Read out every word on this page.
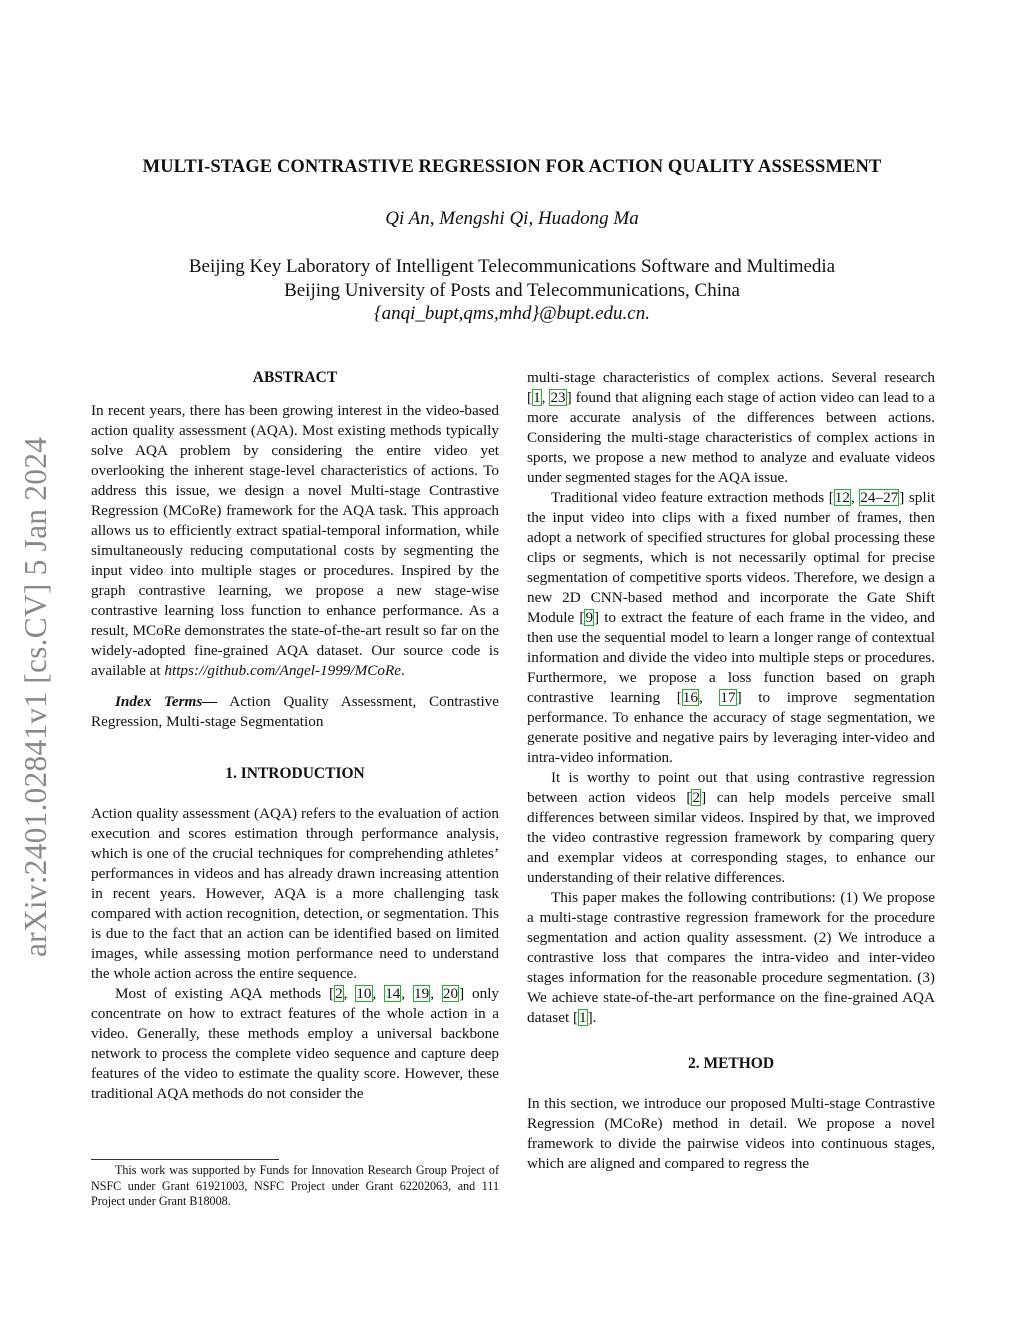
arXiv:2401.02841v1 [cs.CV] 5 Jan 2024
MULTI-STAGE CONTRASTIVE REGRESSION FOR ACTION QUALITY ASSESSMENT
Qi An, Mengshi Qi, Huadong Ma
Beijing Key Laboratory of Intelligent Telecommunications Software and Multimedia
Beijing University of Posts and Telecommunications, China
{anqi_bupt,qms,mhd}@bupt.edu.cn.

ABSTRACT

In recent years, there has been growing interest in the video-based action quality assessment (AQA). Most existing methods typically solve AQA problem by considering the entire video yet overlooking the inherent stage-level characteristics of actions. To address this issue, we design a novel Multi-stage Contrastive Regression (MCoRe) framework for the AQA task. This approach allows us to efficiently extract spatial-temporal information, while simultaneously reducing computational costs by segmenting the input video into multiple stages or procedures. Inspired by the graph contrastive learning, we propose a new stage-wise contrastive learning loss function to enhance performance. As a result, MCoRe demonstrates the state-of-the-art result so far on the widely-adopted fine-grained AQA dataset. Our source code is available at https://github.com/Angel-1999/MCoRe.

Index Terms— Action Quality Assessment, Contrastive Regression, Multi-stage Segmentation

1. INTRODUCTION

Action quality assessment (AQA) refers to the evaluation of action execution and scores estimation through performance analysis, which is one of the crucial techniques for comprehending athletes’ performances in videos and has already drawn increasing attention in recent years. However, AQA is a more challenging task compared with action recognition, detection, or segmentation. This is due to the fact that an action can be identified based on limited images, while assessing motion performance need to understand the whole action across the entire sequence.

Most of existing AQA methods [2, 10, 14, 19, 20] only concentrate on how to extract features of the whole action in a video. Generally, these methods employ a universal backbone network to process the complete video sequence and capture deep features of the video to estimate the quality score. However, these traditional AQA methods do not consider the

multi-stage characteristics of complex actions. Several research [1, 23] found that aligning each stage of action video can lead to a more accurate analysis of the differences between actions. Considering the multi-stage characteristics of complex actions in sports, we propose a new method to analyze and evaluate videos under segmented stages for the AQA issue.

Traditional video feature extraction methods [12, 24–27] split the input video into clips with a fixed number of frames, then adopt a network of specified structures for global processing these clips or segments, which is not necessarily optimal for precise segmentation of competitive sports videos. Therefore, we design a new 2D CNN-based method and incorporate the Gate Shift Module [9] to extract the feature of each frame in the video, and then use the sequential model to learn a longer range of contextual information and divide the video into multiple steps or procedures. Furthermore, we propose a loss function based on graph contrastive learning [16, 17] to improve segmentation performance. To enhance the accuracy of stage segmentation, we generate positive and negative pairs by leveraging inter-video and intra-video information.

It is worthy to point out that using contrastive regression between action videos [2] can help models perceive small differences between similar videos. Inspired by that, we improved the video contrastive regression framework by comparing query and exemplar videos at corresponding stages, to enhance our understanding of their relative differences.

This paper makes the following contributions: (1) We propose a multi-stage contrastive regression framework for the procedure segmentation and action quality assessment. (2) We introduce a contrastive loss that compares the intra-video and inter-video stages information for the reasonable procedure segmentation. (3) We achieve state-of-the-art performance on the fine-grained AQA dataset [1].

2. METHOD

In this section, we introduce our proposed Multi-stage Contrastive Regression (MCoRe) method in detail. We propose a novel framework to divide the pairwise videos into continuous stages, which are aligned and compared to regress the

This work was supported by Funds for Innovation Research Group Project of NSFC under Grant 61921003, NSFC Project under Grant 62202063, and 111 Project under Grant B18008.
